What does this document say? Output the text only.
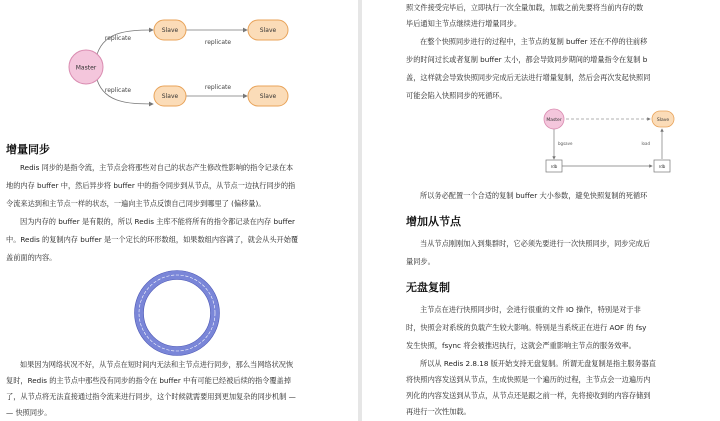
Master
Slave	Slave
Slave	Slave
replicate
replicate
replicate	replicate
增量同步

Redis 同步的是指令流，主节点会将那些对自己的状态产生修改性影响的指令记录在本

地的内存 buffer 中，然后异步将 buffer 中的指令同步到从节点，从节点一边执行同步的指

令流来达到和主节点一样的状态，一遍向主节点反馈自己同步到哪里了 (偏移量)。

因为内存的 buffer 是有限的，所以 Redis 主库不能将所有的指令都记录在内存 buffer

中。Redis 的复制内存 buffer 是一个定长的环形数组，如果数组内容满了，就会从头开始覆

盖前面的内容。

如果因为网络状况不好，从节点在短时间内无法和主节点进行同步，那么当网络状况恢

复时，Redis 的主节点中那些没有同步的指令在 buffer 中有可能已经被后续的指令覆盖掉

了，从节点将无法直接通过指令流来进行同步，这个时候就需要用到更加复杂的同步机制 —

— 快照同步。

照文件接受完毕后，立即执行一次全量加载，加载之前先要将当前内存的数

毕后通知主节点继续进行增量同步。

在整个快照同步进行的过程中，主节点的复制 buffer 还在不停的往前移

步的时间过长或者复制 buffer 太小，都会导致同步期间的增量指令在复制 b

盖，这样就会导致快照同步完成后无法进行增量复制，然后会再次发起快照同

可能会陷入快照同步的死循环。

Master	Slave
rdb	rdb
bgsave	load

所以务必配置一个合适的复制 buffer 大小参数，避免快照复制的死循环

增加从节点

当从节点刚刚加入到集群时，它必须先要进行一次快照同步，同步完成后

量同步。

无盘复制

主节点在进行快照同步时，会进行很重的文件 IO 操作，特别是对于非

时，快照会对系统的负载产生较大影响。特别是当系统正在进行 AOF 的 fsy

发生快照，fsync 将会被推迟执行，这就会严重影响主节点的服务效率。

所以从 Redis 2.8.18 版开始支持无盘复制。所谓无盘复制是指主服务器直

将快照内容发送到从节点，生成快照是一个遍历的过程，主节点会一边遍历内

列化的内容发送到从节点，从节点还是跟之前一样，先将接收到的内容存储到

再进行一次性加载。
